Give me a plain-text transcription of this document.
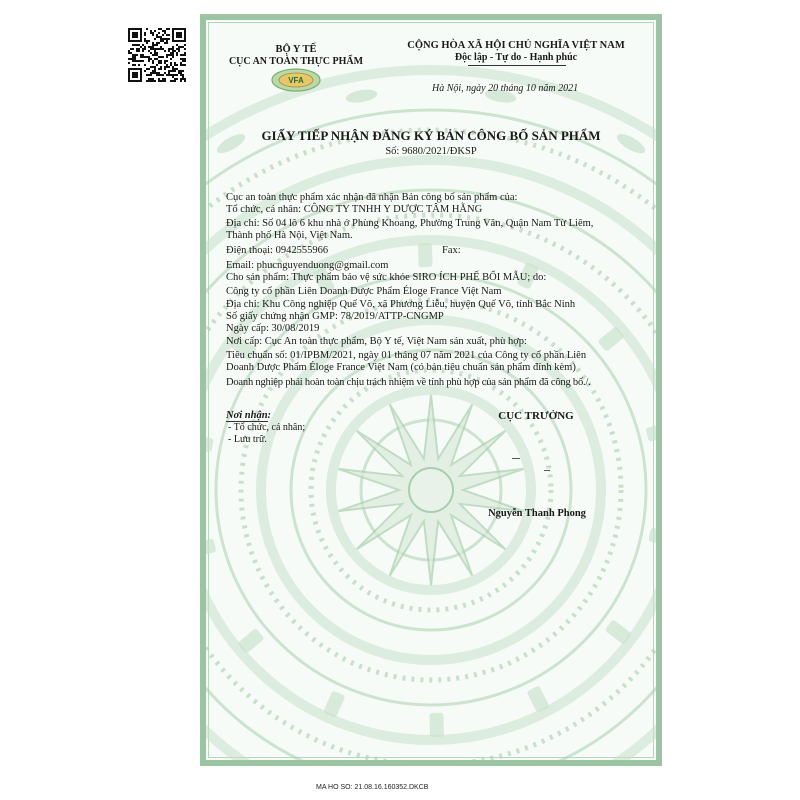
BỘ Y TẾ
CỤC AN TOÀN THỰC PHẨM
VFA
CỘNG HÒA XÃ HỘI CHỦ NGHĨA VIỆT NAM
Độc lập - Tự do - Hạnh phúc
Hà Nội, ngày 20 tháng 10 năm 2021
GIẤY TIẾP NHẬN ĐĂNG KÝ BẢN CÔNG BỐ SẢN PHẨM
Số: 9680/2021/ĐKSP
Cục an toàn thực phẩm xác nhận đã nhận Bản công bố sản phẩm của:
Tổ chức, cá nhân: CÔNG TY TNHH Y DƯỢC TÂM HẰNG
Địa chỉ: Số 04 lô 6 khu nhà ở Phùng Khoang, Phường Trung Văn, Quận Nam Từ Liêm,
Thành phố Hà Nội, Việt Nam.
Điện thoại: 0942555966	Fax:
Email: phucnguyenduong@gmail.com
Cho sản phẩm: Thực phẩm bảo vệ sức khỏe SIRO ÍCH PHẾ BỔI MẪU; do:
Công ty cổ phần Liên Doanh Dược Phẩm Éloge France Việt Nam
Địa chỉ: Khu Công nghiệp Quế Võ, xã Phương Liễu, huyện Quế Võ, tỉnh Bắc Ninh
Số giấy chứng nhận GMP: 78/2019/ATTP-CNGMP
Ngày cấp: 30/08/2019
Nơi cấp: Cục An toàn thực phẩm, Bộ Y tế, Việt Nam sản xuất, phù hợp:
Tiêu chuẩn số: 01/IPBM/2021, ngày 01 tháng 07 năm 2021 của Công ty cổ phần Liên
Doanh Dược Phẩm Éloge France Việt Nam (có bản tiêu chuẩn sản phẩm đính kèm)
Doanh nghiệp phải hoàn toàn chịu trách nhiệm về tính phù hợp của sản phẩm đã công bố./.
Nơi nhận:
- Tổ chức, cá nhân;
- Lưu trữ.
CỤC TRƯỞNG
Nguyễn Thanh Phong
MA HO SO: 21.08.16.160352.DKCB
